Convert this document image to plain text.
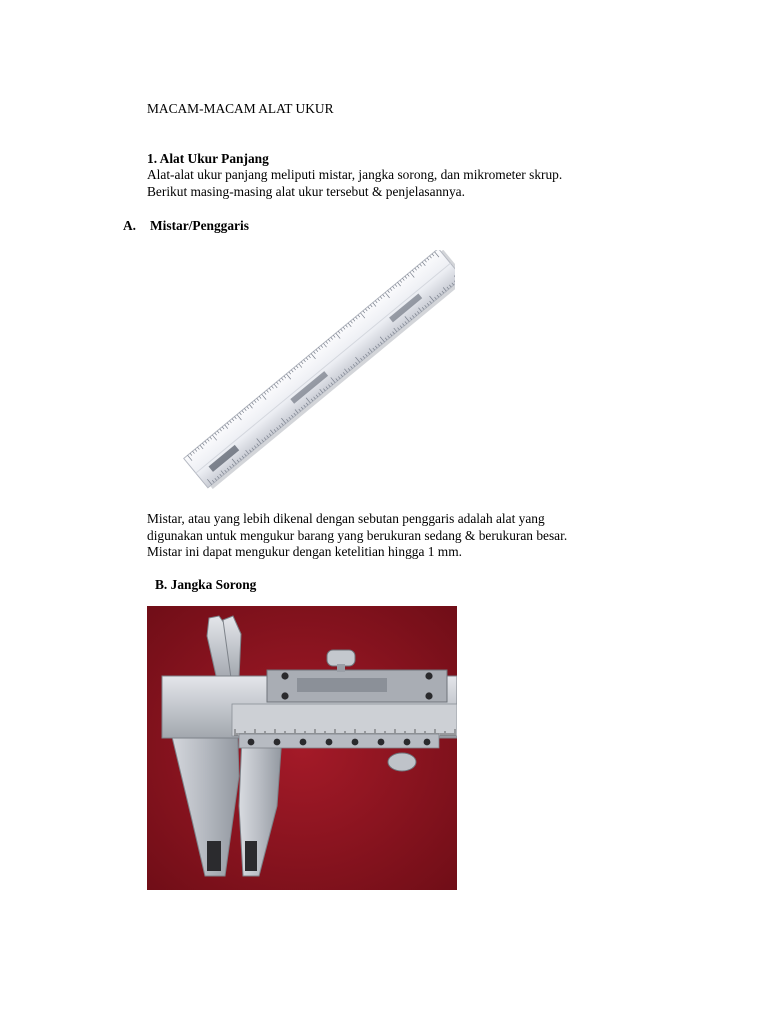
MACAM-MACAM ALAT UKUR
1. Alat Ukur Panjang
Alat-alat ukur panjang meliputi mistar, jangka sorong, dan mikrometer skrup.
Berikut masing-masing alat ukur tersebut & penjelasannya.
A. Mistar/Penggaris
Mistar, atau yang lebih dikenal dengan sebutan penggaris adalah alat yang
digunakan untuk mengukur barang yang berukuran sedang & berukuran besar.
Mistar ini dapat mengukur dengan ketelitian hingga 1 mm.
B. Jangka Sorong
